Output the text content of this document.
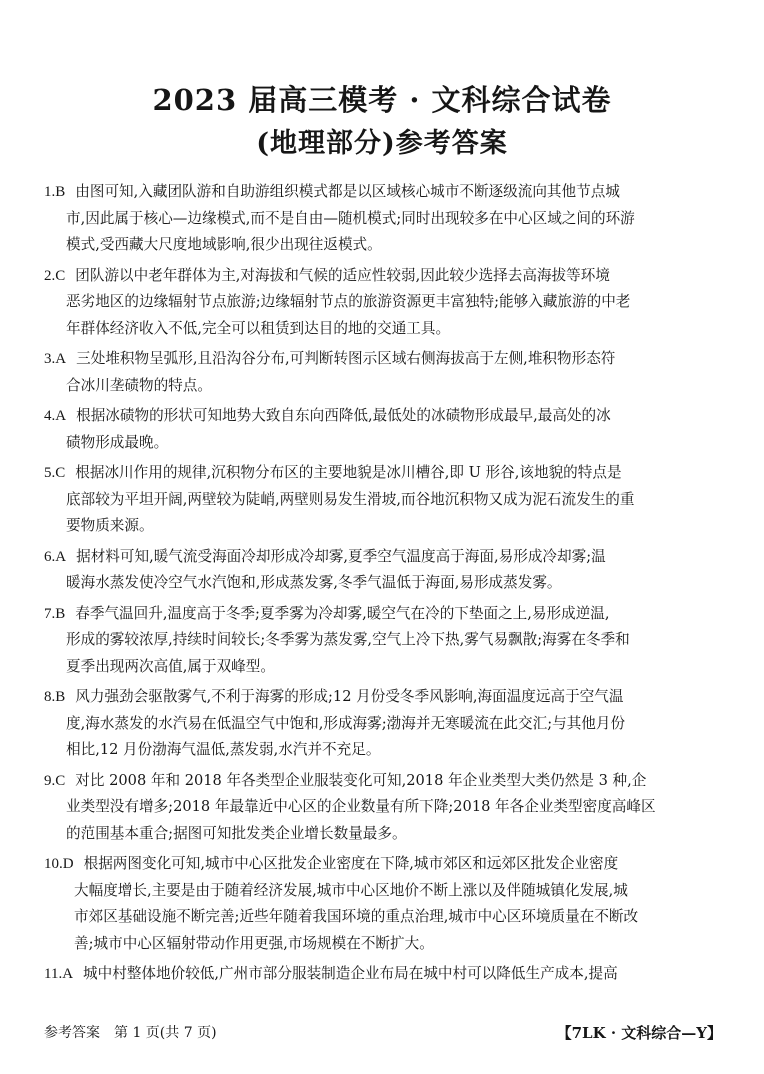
2023 届高三模考 · 文科综合试卷
(地理部分)参考答案
1.B 由图可知,入藏团队游和自助游组织模式都是以区域核心城市不断逐级流向其他节点城
市,因此属于核心—边缘模式,而不是自由—随机模式;同时出现较多在中心区域之间的环游
模式,受西藏大尺度地域影响,很少出现往返模式。
2.C 团队游以中老年群体为主,对海拔和气候的适应性较弱,因此较少选择去高海拔等环境
恶劣地区的边缘辐射节点旅游;边缘辐射节点的旅游资源更丰富独特;能够入藏旅游的中老
年群体经济收入不低,完全可以租赁到达目的地的交通工具。
3.A 三处堆积物呈弧形,且沿沟谷分布,可判断转图示区域右侧海拔高于左侧,堆积物形态符
合冰川垄碛物的特点。
4.A 根据冰碛物的形状可知地势大致自东向西降低,最低处的冰碛物形成最早,最高处的冰
碛物形成最晚。
5.C 根据冰川作用的规律,沉积物分布区的主要地貌是冰川槽谷,即 U 形谷,该地貌的特点是
底部较为平坦开阔,两壁较为陡峭,两壁则易发生滑坡,而谷地沉积物又成为泥石流发生的重
要物质来源。
6.A 据材料可知,暖气流受海面冷却形成冷却雾,夏季空气温度高于海面,易形成冷却雾;温
暖海水蒸发使冷空气水汽饱和,形成蒸发雾,冬季气温低于海面,易形成蒸发雾。
7.B 春季气温回升,温度高于冬季;夏季雾为冷却雾,暖空气在冷的下垫面之上,易形成逆温,
形成的雾较浓厚,持续时间较长;冬季雾为蒸发雾,空气上冷下热,雾气易飘散;海雾在冬季和
夏季出现两次高值,属于双峰型。
8.B 风力强劲会驱散雾气,不利于海雾的形成;12 月份受冬季风影响,海面温度远高于空气温
度,海水蒸发的水汽易在低温空气中饱和,形成海雾;渤海并无寒暖流在此交汇;与其他月份
相比,12 月份渤海气温低,蒸发弱,水汽并不充足。
9.C 对比 2008 年和 2018 年各类型企业服装变化可知,2018 年企业类型大类仍然是 3 种,企
业类型没有增多;2018 年最靠近中心区的企业数量有所下降;2018 年各企业类型密度高峰区
的范围基本重合;据图可知批发类企业增长数量最多。
10.D 根据两图变化可知,城市中心区批发企业密度在下降,城市郊区和远郊区批发企业密度
大幅度增长,主要是由于随着经济发展,城市中心区地价不断上涨以及伴随城镇化发展,城
市郊区基础设施不断完善;近些年随着我国环境的重点治理,城市中心区环境质量在不断改
善;城市中心区辐射带动作用更强,市场规模在不断扩大。
11.A 城中村整体地价较低,广州市部分服装制造企业布局在城中村可以降低生产成本,提高
参考答案　第 1 页(共 7 页)	【7LK · 文科综合—Y】
